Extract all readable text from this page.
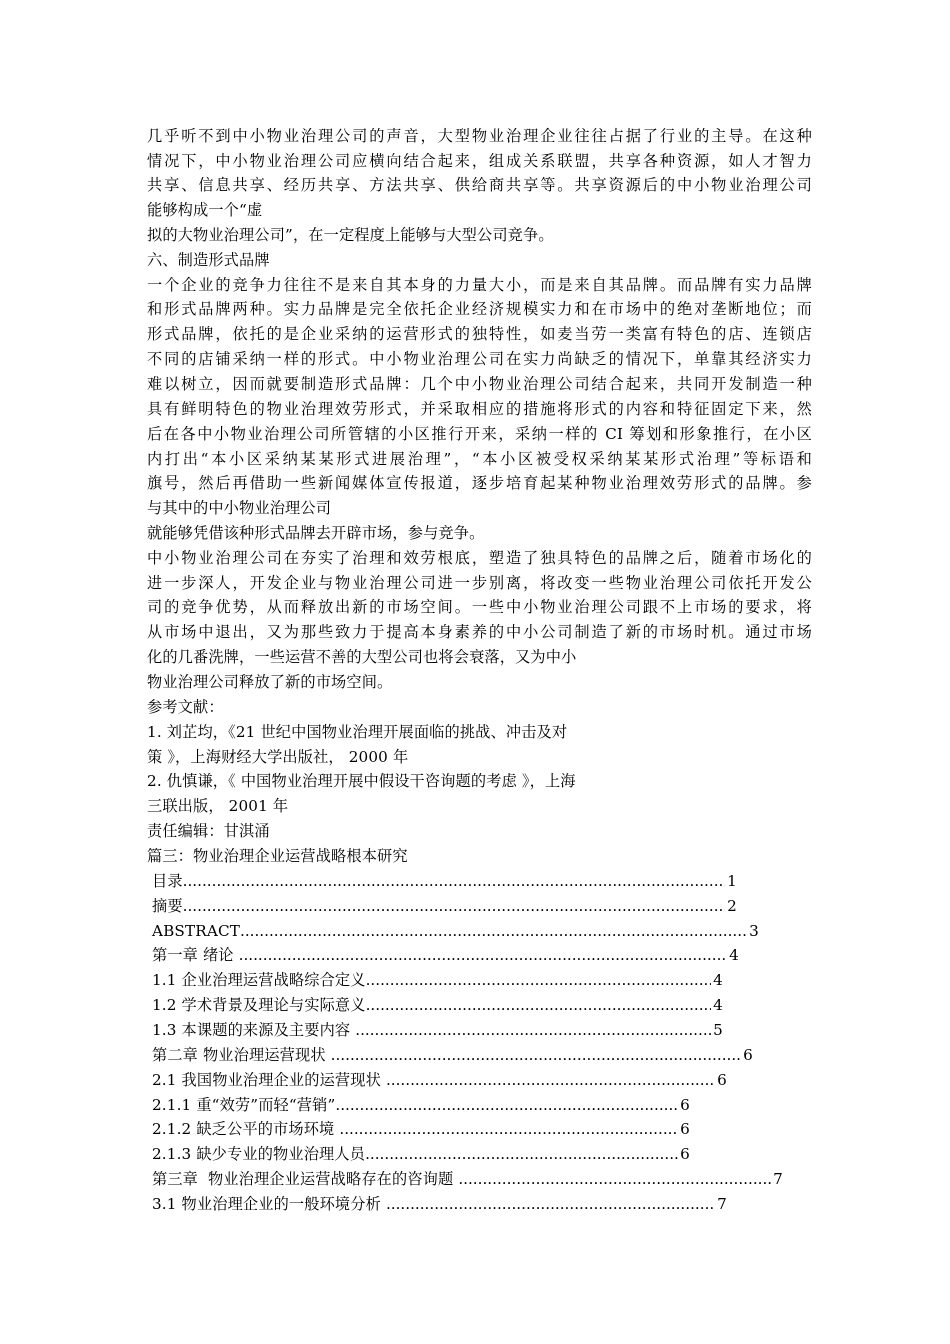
几乎听不到中小物业治理公司的声音，大型物业治理企业往往占据了行业的主导。在这种
情况下，中小物业治理公司应横向结合起来，组成关系联盟，共享各种资源，如人才智力
共享、信息共享、经历共享、方法共享、供给商共享等。共享资源后的中小物业治理公司
能够构成一个“虚
拟的大物业治理公司”，在一定程度上能够与大型公司竞争。
六、制造形式品牌
一个企业的竞争力往往不是来自其本身的力量大小，而是来自其品牌。而品牌有实力品牌
和形式品牌两种。实力品牌是完全依托企业经济规模实力和在市场中的绝对垄断地位；而
形式品牌，依托的是企业采纳的运营形式的独特性，如麦当劳一类富有特色的店、连锁店
不同的店铺采纳一样的形式。中小物业治理公司在实力尚缺乏的情况下，单靠其经济实力
难以树立，因而就要制造形式品牌：几个中小物业治理公司结合起来，共同开发制造一种
具有鲜明特色的物业治理效劳形式，并采取相应的措施将形式的内容和特征固定下来，然
后在各中小物业治理公司所管辖的小区推行开来，采纳一样的 CI 筹划和形象推行，在小区
内打出“本小区采纳某某形式进展治理”，“本小区被受权采纳某某形式治理”等标语和
旗号，然后再借助一些新闻媒体宣传报道，逐步培育起某种物业治理效劳形式的品牌。参
与其中的中小物业治理公司
就能够凭借该种形式品牌去开辟市场，参与竞争。
中小物业治理公司在夯实了治理和效劳根底，塑造了独具特色的品牌之后，随着市场化的
进一步深人，开发企业与物业治理公司进一步别离，将改变一些物业治理公司依托开发公
司的竞争优势，从而释放出新的市场空间。一些中小物业治理公司跟不上市场的要求，将
从市场中退出，又为那些致力于提高本身素养的中小公司制造了新的市场时机。通过市场
化的几番洗牌，一些运营不善的大型公司也将会衰落，又为中小
物业治理公司释放了新的市场空间。
参考文献：
1. 刘芷均，《21 世纪中国物业治理开展面临的挑战、冲击及对
策 》，上海财经大学出版社， 2000 年
2. 仇慎谦，《 中国物业治理开展中假设干咨询题的考虑 》，上海
三联出版， 2001 年
责任编辑：甘淇涌
篇三：物业治理企业运营战略根本研究
目录 .....	1
摘要 .....	2
ABSTRACT .....	3
第一章 绪论 .....	4
1.1 企业治理运营战略综合定义 .....	4
1.2 学术背景及理论与实际意义 .....	4
1.3 本课题的来源及主要内容 .....	5
第二章 物业治理运营现状 .....	6
2.1 我国物业治理企业的运营现状 .....	6
2.1.1 重“效劳”而轻“营销” .....	6
2.1.2 缺乏公平的市场环境 .....	6
2.1.3 缺少专业的物业治理人员 .....	6
第三章  物业治理企业运营战略存在的咨询题 .....	7
3.1 物业治理企业的一般环境分析 .....	7
